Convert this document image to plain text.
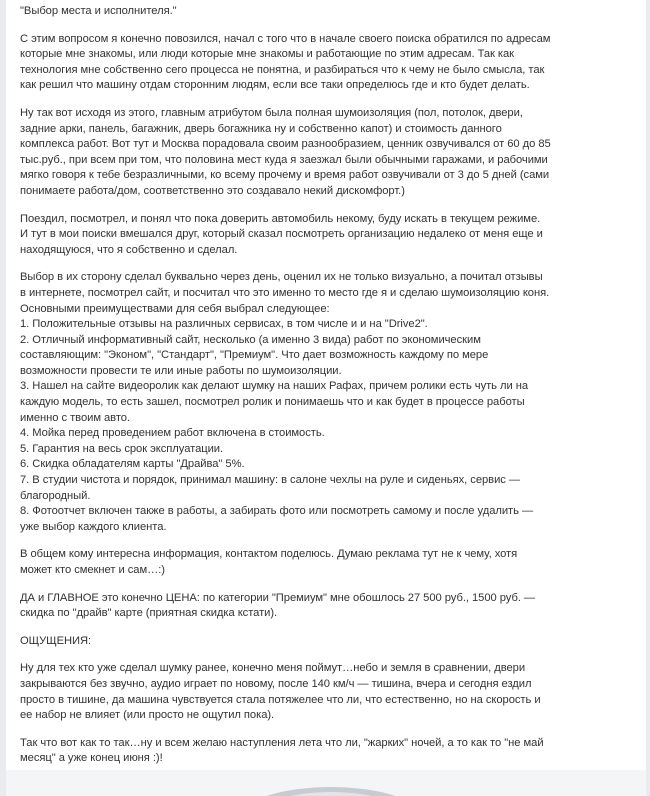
"Выбор места и исполнителя."

С этим вопросом я конечно повозился, начал с того что в начале своего поиска обратился по адресам
которые мне знакомы, или люди которые мне знакомы и работающие по этим адресам. Так как
технология мне собственно сего процесса не понятна, и разбираться что к чему не было смысла, так
как решил что машину отдам сторонним людям, если все таки определюсь где и кто будет делать.

Ну так вот исходя из этого, главным атрибутом была полная шумоизоляция (пол, потолок, двери,
задние арки, панель, багажник, дверь богажника ну и собственно капот) и стоимость данного
комплекса работ. Вот тут и Москва порадовала своим разнообразием, ценник озвучивался от 60 до 85
тыс.руб., при всем при том, что половина мест куда я заезжал были обычными гаражами, и рабочими
мягко говоря к тебе безразличными, ко всему прочему и время работ озвучивали от 3 до 5 дней (сами
понимаете работа/дом, соответственно это создавало некий дискомфорт.)

Поездил, посмотрел, и понял что пока доверить автомобиль некому, буду искать в текущем режиме.
И тут в мои поиски вмешался друг, который сказал посмотреть организацию недалеко от меня еще и
находящуюся, что я собственно и сделал.

Выбор в их сторону сделал буквально через день, оценил их не только визуально, а почитал отзывы
в интернете, посмотрел сайт, и посчитал что это именно то место где я и сделаю шумоизоляцию коня.
Основными преимуществами для себя выбрал следующее:
1. Положительные отзывы на различных сервисах, в том числе и и на "Drive2".
2. Отличный информативный сайт, несколько (а именно 3 вида) работ по экономическим
составляющим: "Эконом", "Стандарт", "Премиум". Что дает возможность каждому по мере
возможности провести те или иные работы по шумоизоляции.
3. Нашел на сайте видеоролик как делают шумку на наших Рафах, причем ролики есть чуть ли на
каждую модель, то есть зашел, посмотрел ролик и понимаешь что и как будет в процессе работы
именно с твоим авто.
4. Мойка перед проведением работ включена в стоимость.
5. Гарантия на весь срок эксплуатации.
6. Скидка обладателям карты "Драйва" 5%.
7. В студии чистота и порядок, принимал машину: в салоне чехлы на руле и сиденьях, сервис —
благородный.
8. Фотоотчет включен также в работы, а забирать фото или посмотреть самому и после удалить —
уже выбор каждого клиента.

В общем кому интересна информация, контактом поделюсь. Думаю реклама тут не к чему, хотя
может кто смекнет и сам…:)

ДА и ГЛАВНОЕ это конечно ЦЕНА: по категории "Премиум" мне обошлось 27 500 руб., 1500 руб. —
скидка по "драйв" карте (приятная скидка кстати).

ОЩУЩЕНИЯ:

Ну для тех кто уже сделал шумку ранее, конечно меня поймут…небо и земля в сравнении, двери
закрываются без звучно, аудио играет по новому, после 140 км/ч — тишина, вчера и сегодня ездил
просто в тишине, да машина чувствуется стала потяжелее что ли, что естественно, но на скорость и
ее набор не влияет (или просто не ощутил пока).

Так что вот как то так…ну и всем желаю наступления лета что ли, "жарких" ночей, а то как то "не май
месяц" а уже конец июня :)!
